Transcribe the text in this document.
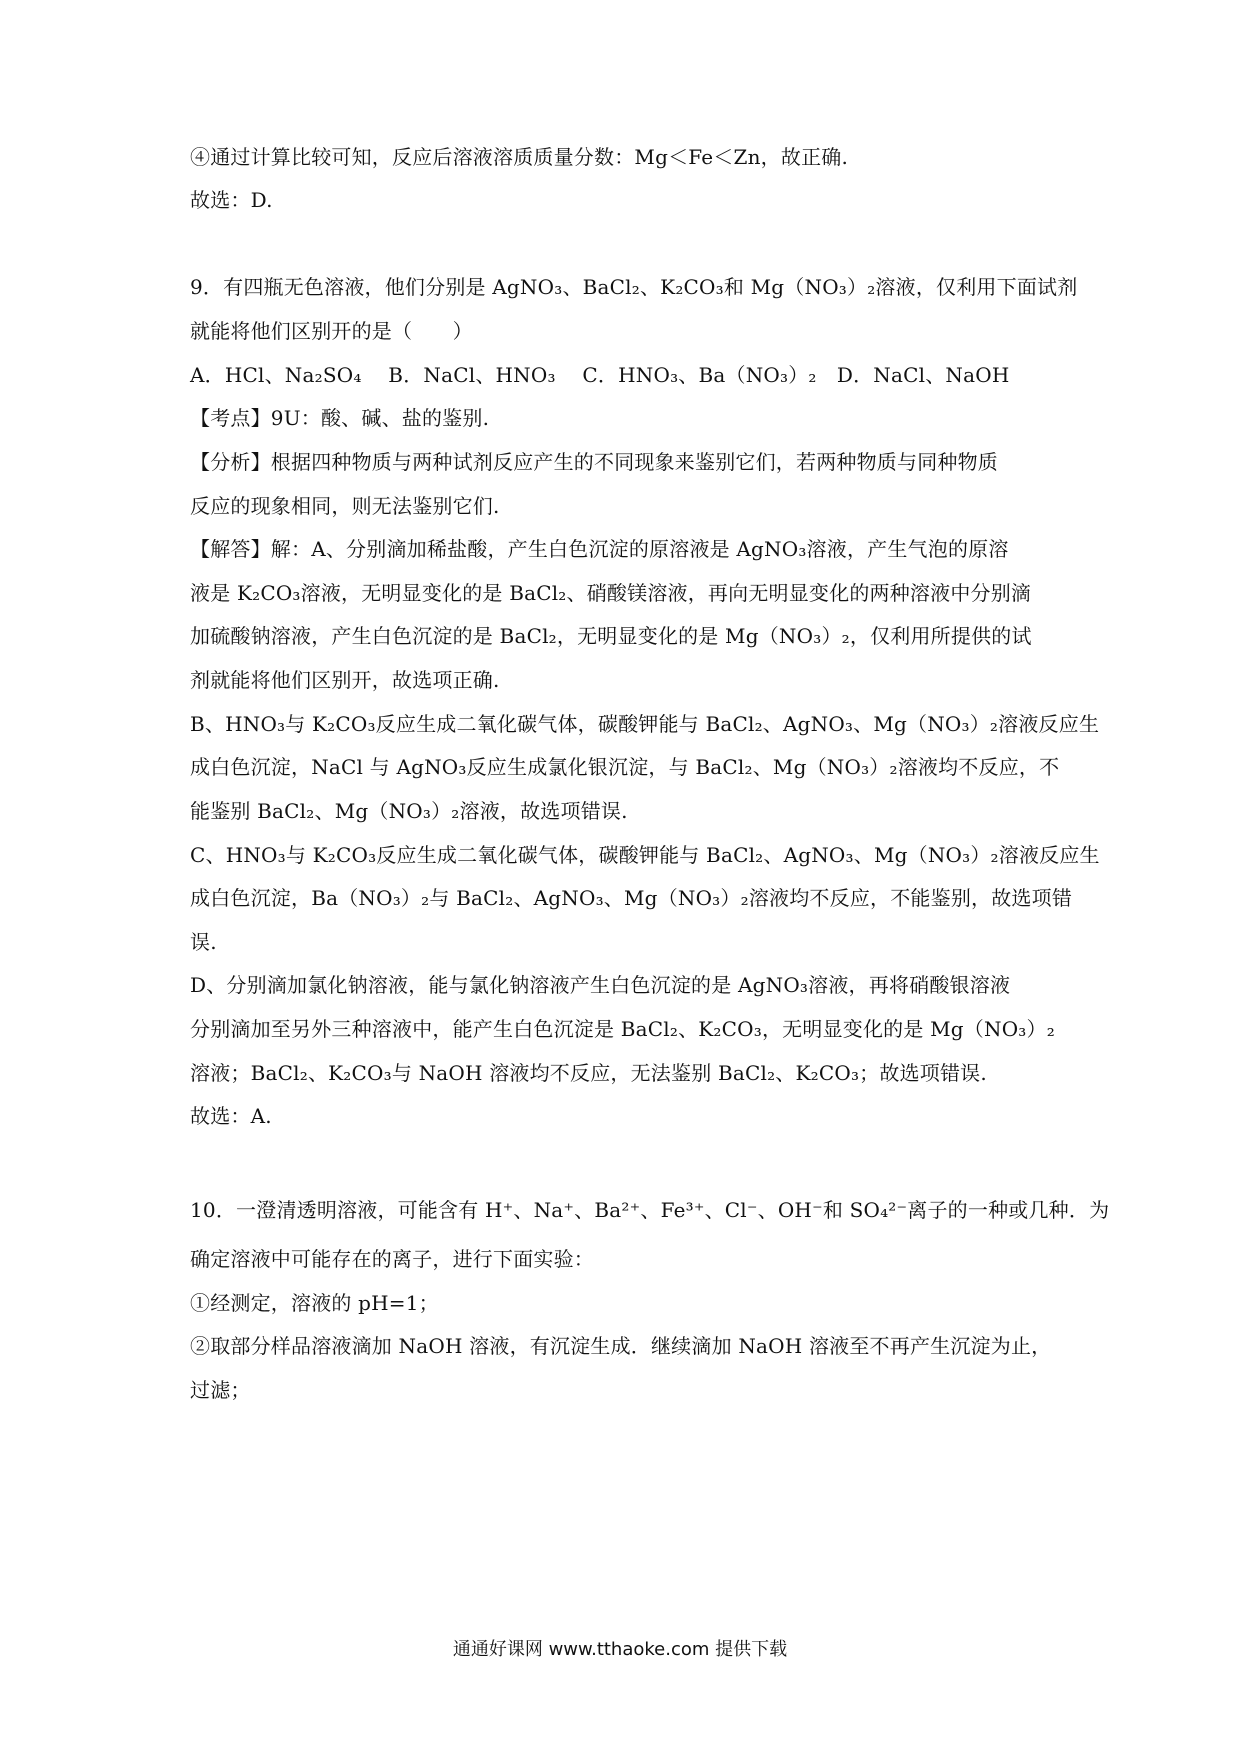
④通过计算比较可知，反应后溶液溶质质量分数：Mg＜Fe＜Zn，故正确.
故选：D.
9．有四瓶无色溶液，他们分别是 AgNO₃、BaCl₂、K₂CO₃和 Mg（NO₃）₂溶液，仅利用下面试剂
就能将他们区别开的是（　　）
A．HCl、Na₂SO₄　 B．NaCl、HNO₃　 C．HNO₃、Ba（NO₃）₂　D．NaCl、NaOH
【考点】9U：酸、碱、盐的鉴别.
【分析】根据四种物质与两种试剂反应产生的不同现象来鉴别它们，若两种物质与同种物质
反应的现象相同，则无法鉴别它们.
【解答】解：A、分别滴加稀盐酸，产生白色沉淀的原溶液是 AgNO₃溶液，产生气泡的原溶
液是 K₂CO₃溶液，无明显变化的是 BaCl₂、硝酸镁溶液，再向无明显变化的两种溶液中分别滴
加硫酸钠溶液，产生白色沉淀的是 BaCl₂，无明显变化的是 Mg（NO₃）₂，仅利用所提供的试
剂就能将他们区别开，故选项正确.
B、HNO₃与 K₂CO₃反应生成二氧化碳气体，碳酸钾能与 BaCl₂、AgNO₃、Mg（NO₃）₂溶液反应生
成白色沉淀，NaCl 与 AgNO₃反应生成氯化银沉淀，与 BaCl₂、Mg（NO₃）₂溶液均不反应，不
能鉴别 BaCl₂、Mg（NO₃）₂溶液，故选项错误.
C、HNO₃与 K₂CO₃反应生成二氧化碳气体，碳酸钾能与 BaCl₂、AgNO₃、Mg（NO₃）₂溶液反应生
成白色沉淀，Ba（NO₃）₂与 BaCl₂、AgNO₃、Mg（NO₃）₂溶液均不反应，不能鉴别，故选项错
误.
D、分别滴加氯化钠溶液，能与氯化钠溶液产生白色沉淀的是 AgNO₃溶液，再将硝酸银溶液
分别滴加至另外三种溶液中，能产生白色沉淀是 BaCl₂、K₂CO₃，无明显变化的是 Mg（NO₃）₂
溶液；BaCl₂、K₂CO₃与 NaOH 溶液均不反应，无法鉴别 BaCl₂、K₂CO₃；故选项错误.
故选：A.
10．一澄清透明溶液，可能含有 H⁺、Na⁺、Ba²⁺、Fe³⁺、Cl⁻、OH⁻和 SO₄²⁻离子的一种或几种．为
确定溶液中可能存在的离子，进行下面实验：
①经测定，溶液的 pH=1；
②取部分样品溶液滴加 NaOH 溶液，有沉淀生成．继续滴加 NaOH 溶液至不再产生沉淀为止，
过滤；
通通好课网 www.tthaoke.com 提供下载
